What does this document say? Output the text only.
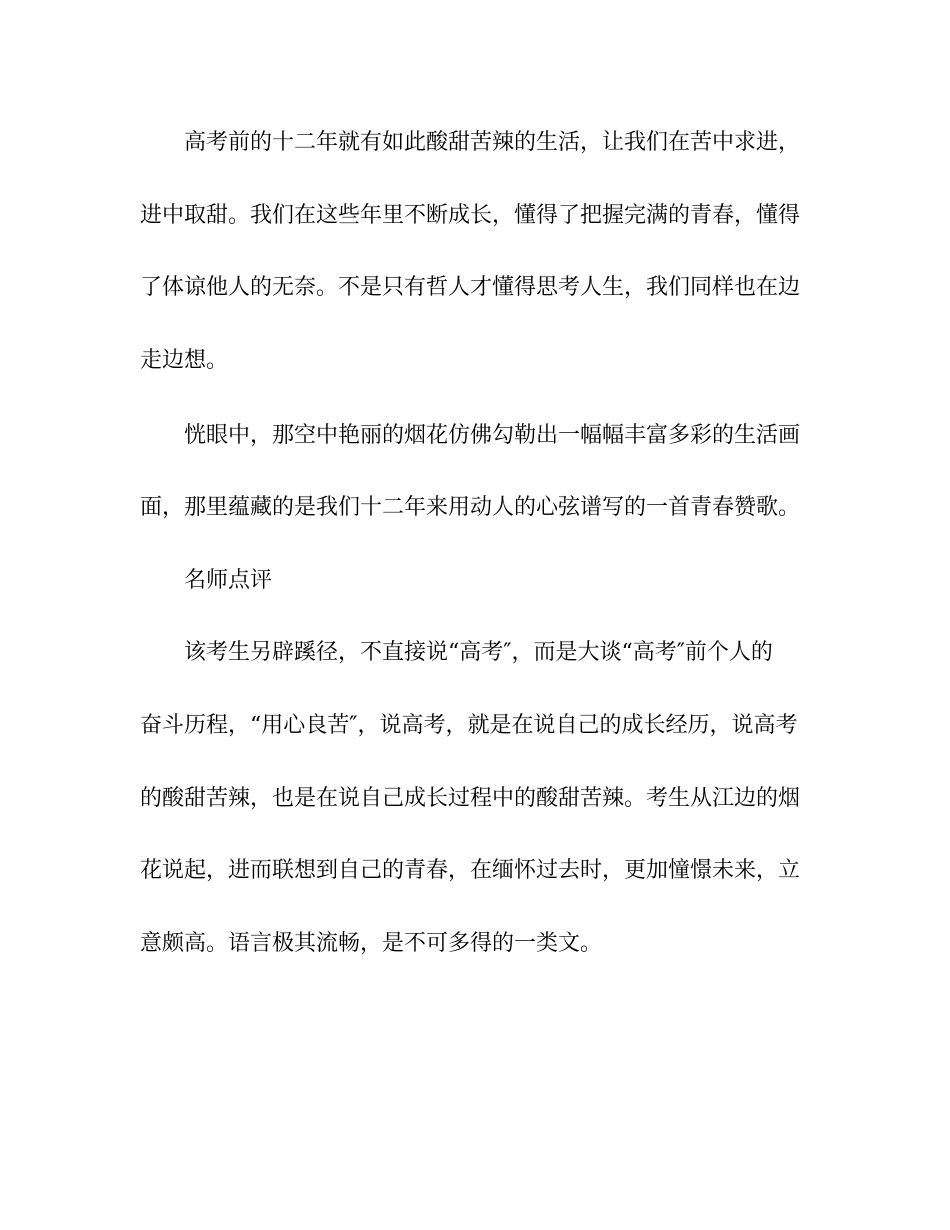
高考前的十二年就有如此酸甜苦辣的生活，让我们在苦中求进，
进中取甜。我们在这些年里不断成长，懂得了把握完满的青春，懂得
了体谅他人的无奈。不是只有哲人才懂得思考人生，我们同样也在边
走边想。
恍眼中，那空中艳丽的烟花仿佛勾勒出一幅幅丰富多彩的生活画
面，那里蕴藏的是我们十二年来用动人的心弦谱写的一首青春赞歌。
名师点评
该考生另辟蹊径，不直接说“高考″，而是大谈“高考″前个人的
奋斗历程，“用心良苦″，说高考，就是在说自己的成长经历，说高考
的酸甜苦辣，也是在说自己成长过程中的酸甜苦辣。考生从江边的烟
花说起，进而联想到自己的青春，在缅怀过去时，更加憧憬未来，立
意颇高。语言极其流畅，是不可多得的一类文。
